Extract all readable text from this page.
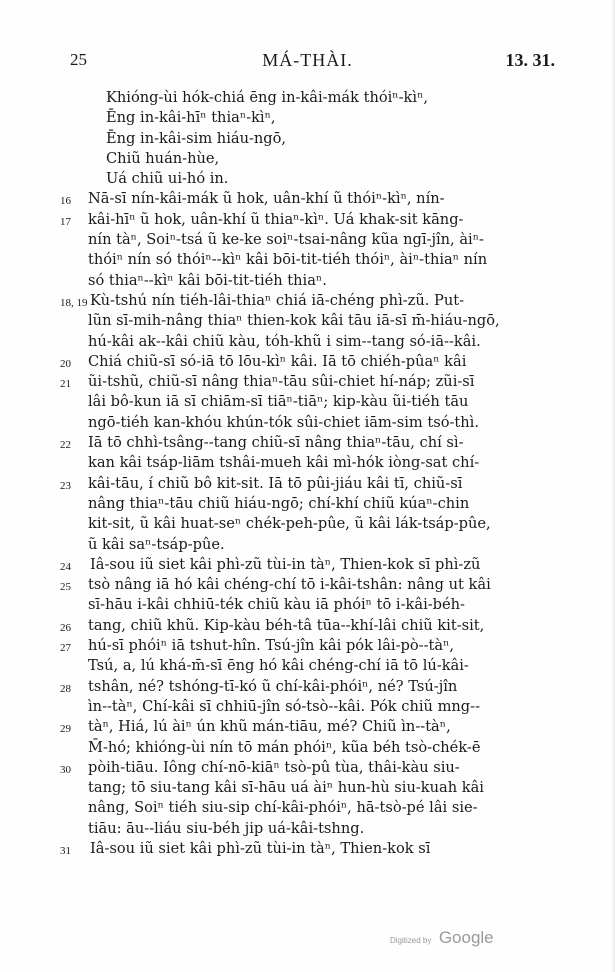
25	MÁ-THÀI.	13. 31.
Khióng-ùi hók-chiá ēng in-kâi-mák thóiⁿ-kìⁿ,
Ēng in-kâi-hīⁿ thiaⁿ-kìⁿ,
Ēng in-kâi-sim hiáu-ngō,
Chiũ huán-hùe,
Uá chiũ ui-hó in.
16	Nā-sī nín-kâi-mák ũ hok, uân-khí ũ thóiⁿ-kìⁿ, nín-
17	kâi-hīⁿ ũ hok, uân-khí ũ thiaⁿ-kìⁿ. Uá khak-sit kāng-
nín tàⁿ, Soiⁿ-tsá ũ ke-ke soiⁿ-tsai-nâng kũa ngī-jîn, àiⁿ-
thóiⁿ nín só thóiⁿ--kìⁿ kâi bōi-tit-tiéh thóiⁿ, àiⁿ-thiaⁿ nín
só thiaⁿ--kìⁿ kâi bōi-tit-tiéh thiaⁿ.
18, 19 Kù-tshú nín tiéh-lâi-thiaⁿ chiá iā-chéng phì-zũ. Put-
lũn sī-mih-nâng thiaⁿ thien-kok kâi tāu iā-sī m̄-hiáu-ngō,
hú-kâi ak--kâi chiũ kàu, tóh-khũ i sim--tang só-iā--kâi.
20	Chiá chiũ-sī só-iā tō lōu-kìⁿ kâi. Iā tō chiéh-pûaⁿ kâi
21	ũi-tshũ, chiũ-sī nâng thiaⁿ-tāu sûi-chiet hí-náp; zũi-sī
lâi bô-kun iā sī chiām-sī tiāⁿ-tiāⁿ; kip-kàu ũi-tiéh tāu
ngō-tiéh kan-khóu khún-tók sûi-chiet iām-sim tsó-thì.
22	Iā tō chhì-tsâng--tang chiũ-sī nâng thiaⁿ-tāu, chí sì-
kan kâi tsáp-liām tshâi-mueh kâi mì-hók iòng-sat chí-
23	kâi-tāu, í chiũ bô kit-sit. Iā tō pûi-jiáu kâi tī, chiũ-sī
nâng thiaⁿ-tāu chiũ hiáu-ngō; chí-khí chiũ kúaⁿ-chin
kit-sit, ũ kâi huat-seⁿ chék-peh-pûe, ũ kâi lák-tsáp-pûe,
ũ kâi saⁿ-tsáp-pûe.
24	Iâ-sou iũ siet kâi phì-zũ tùi-in tàⁿ, Thien-kok sī phì-zũ
25	tsò nâng iā hó kâi chéng-chí tō i-kâi-tshân: nâng ut kâi
sī-hāu i-kâi chhiū-ték chiũ kàu iā phóiⁿ tō i-kâi-béh-
26	tang, chiũ khũ. Kip-kàu béh-tâ tūa--khí-lâi chiũ kit-sit,
27	hú-sī phóiⁿ iā tshut-hîn. Tsú-jîn kâi pók lâi-pò--tàⁿ,
Tsú, a, lú khá-m̄-sī ēng hó kâi chéng-chí iā tō lú-kâi-
28	tshân, né? tshóng-tī-kó ũ chí-kâi-phóiⁿ, né? Tsú-jîn
ìn--tàⁿ, Chí-kâi sī chhiū-jîn só-tsò--kâi. Pók chiũ mng--
29	tàⁿ, Hiá, lú àiⁿ ún khũ mán-tiāu, mé? Chiũ ìn--tàⁿ,
M̄-hó; khióng-ùi nín tō mán phóiⁿ, kũa béh tsò-chék-ē
30	pòih-tiāu. Iông chí-nō-kiāⁿ tsò-pû tùa, thâi-kàu siu-
tang; tō siu-tang kâi sī-hāu uá àiⁿ hun-hù siu-kuah kâi
nâng, Soiⁿ tiéh siu-sip chí-kâi-phóiⁿ, hā-tsò-pé lâi sie-
tiāu: āu--liáu siu-béh jip uá-kâi-tshng.
31	Iâ-sou iũ siet kâi phì-zũ tùi-in tàⁿ, Thien-kok sī
Digitized by Google
